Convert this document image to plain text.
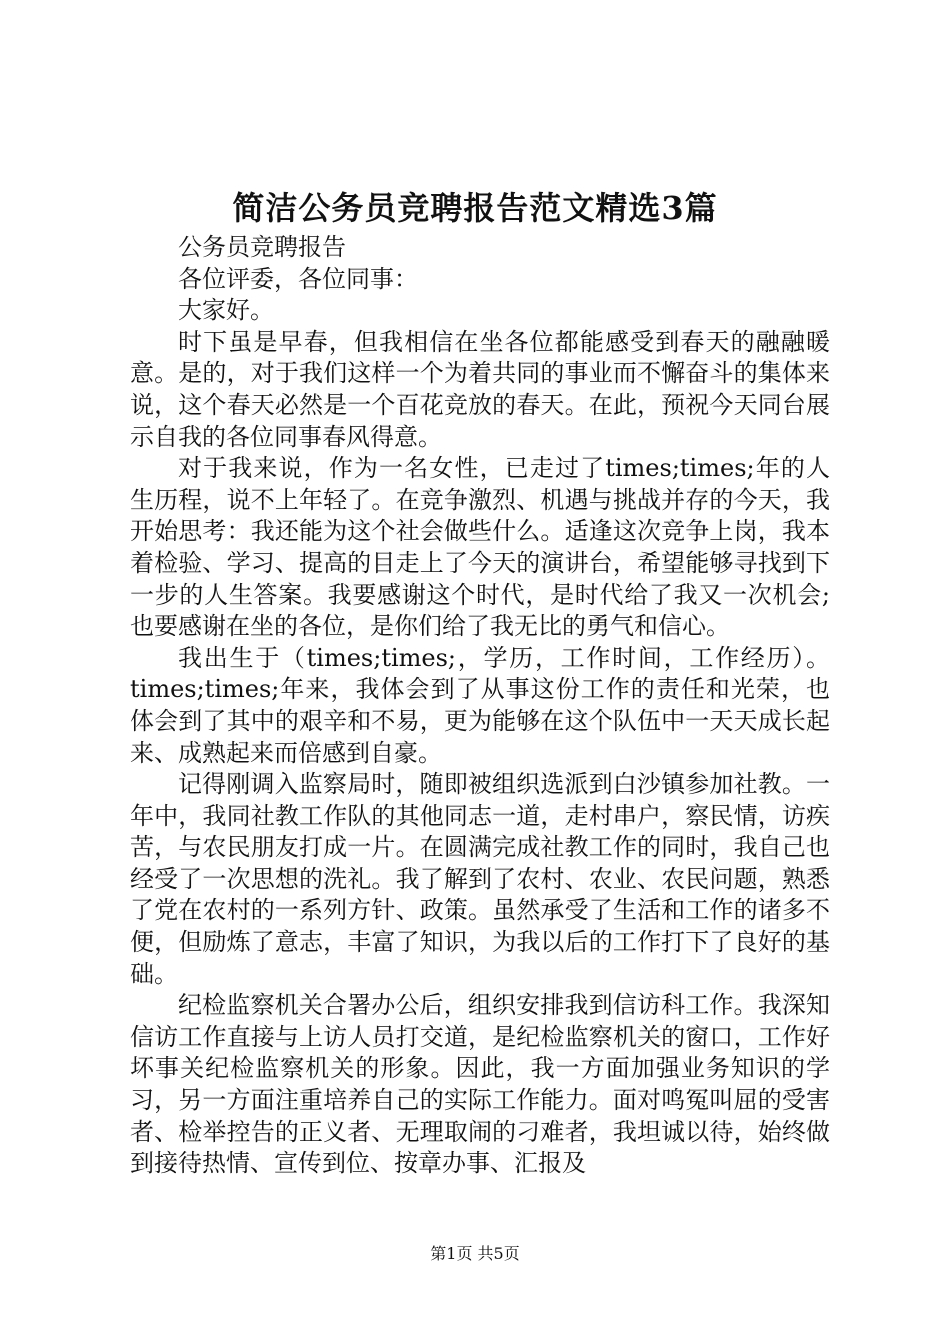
简洁公务员竞聘报告范文精选3篇

公务员竞聘报告

各位评委，各位同事：

大家好。

时下虽是早春，但我相信在坐各位都能感受到春天的融融暖意。是的，对于我们这样一个为着共同的事业而不懈奋斗的集体来说，这个春天必然是一个百花竞放的春天。在此，预祝今天同台展示自我的各位同事春风得意。

对于我来说，作为一名女性，已走过了times;times;年的人生历程，说不上年轻了。在竞争激烈、机遇与挑战并存的今天，我开始思考：我还能为这个社会做些什么。适逢这次竞争上岗，我本着检验、学习、提高的目走上了今天的演讲台，希望能够寻找到下一步的人生答案。我要感谢这个时代，是时代给了我又一次机会;也要感谢在坐的各位，是你们给了我无比的勇气和信心。

我出生于（times;times;，学历，工作时间，工作经历）。times;times;年来，我体会到了从事这份工作的责任和光荣，也体会到了其中的艰辛和不易，更为能够在这个队伍中一天天成长起来、成熟起来而倍感到自豪。

记得刚调入监察局时，随即被组织选派到白沙镇参加社教。一年中，我同社教工作队的其他同志一道，走村串户，察民情，访疾苦，与农民朋友打成一片。在圆满完成社教工作的同时，我自己也经受了一次思想的洗礼。我了解到了农村、农业、农民问题，熟悉了党在农村的一系列方针、政策。虽然承受了生活和工作的诸多不便，但励炼了意志，丰富了知识，为我以后的工作打下了良好的基础。

纪检监察机关合署办公后，组织安排我到信访科工作。我深知信访工作直接与上访人员打交道，是纪检监察机关的窗口，工作好坏事关纪检监察机关的形象。因此，我一方面加强业务知识的学习，另一方面注重培养自己的实际工作能力。面对鸣冤叫屈的受害者、检举控告的正义者、无理取闹的刁难者，我坦诚以待，始终做到接待热情、宣传到位、按章办事、汇报及

第1页 共5页
